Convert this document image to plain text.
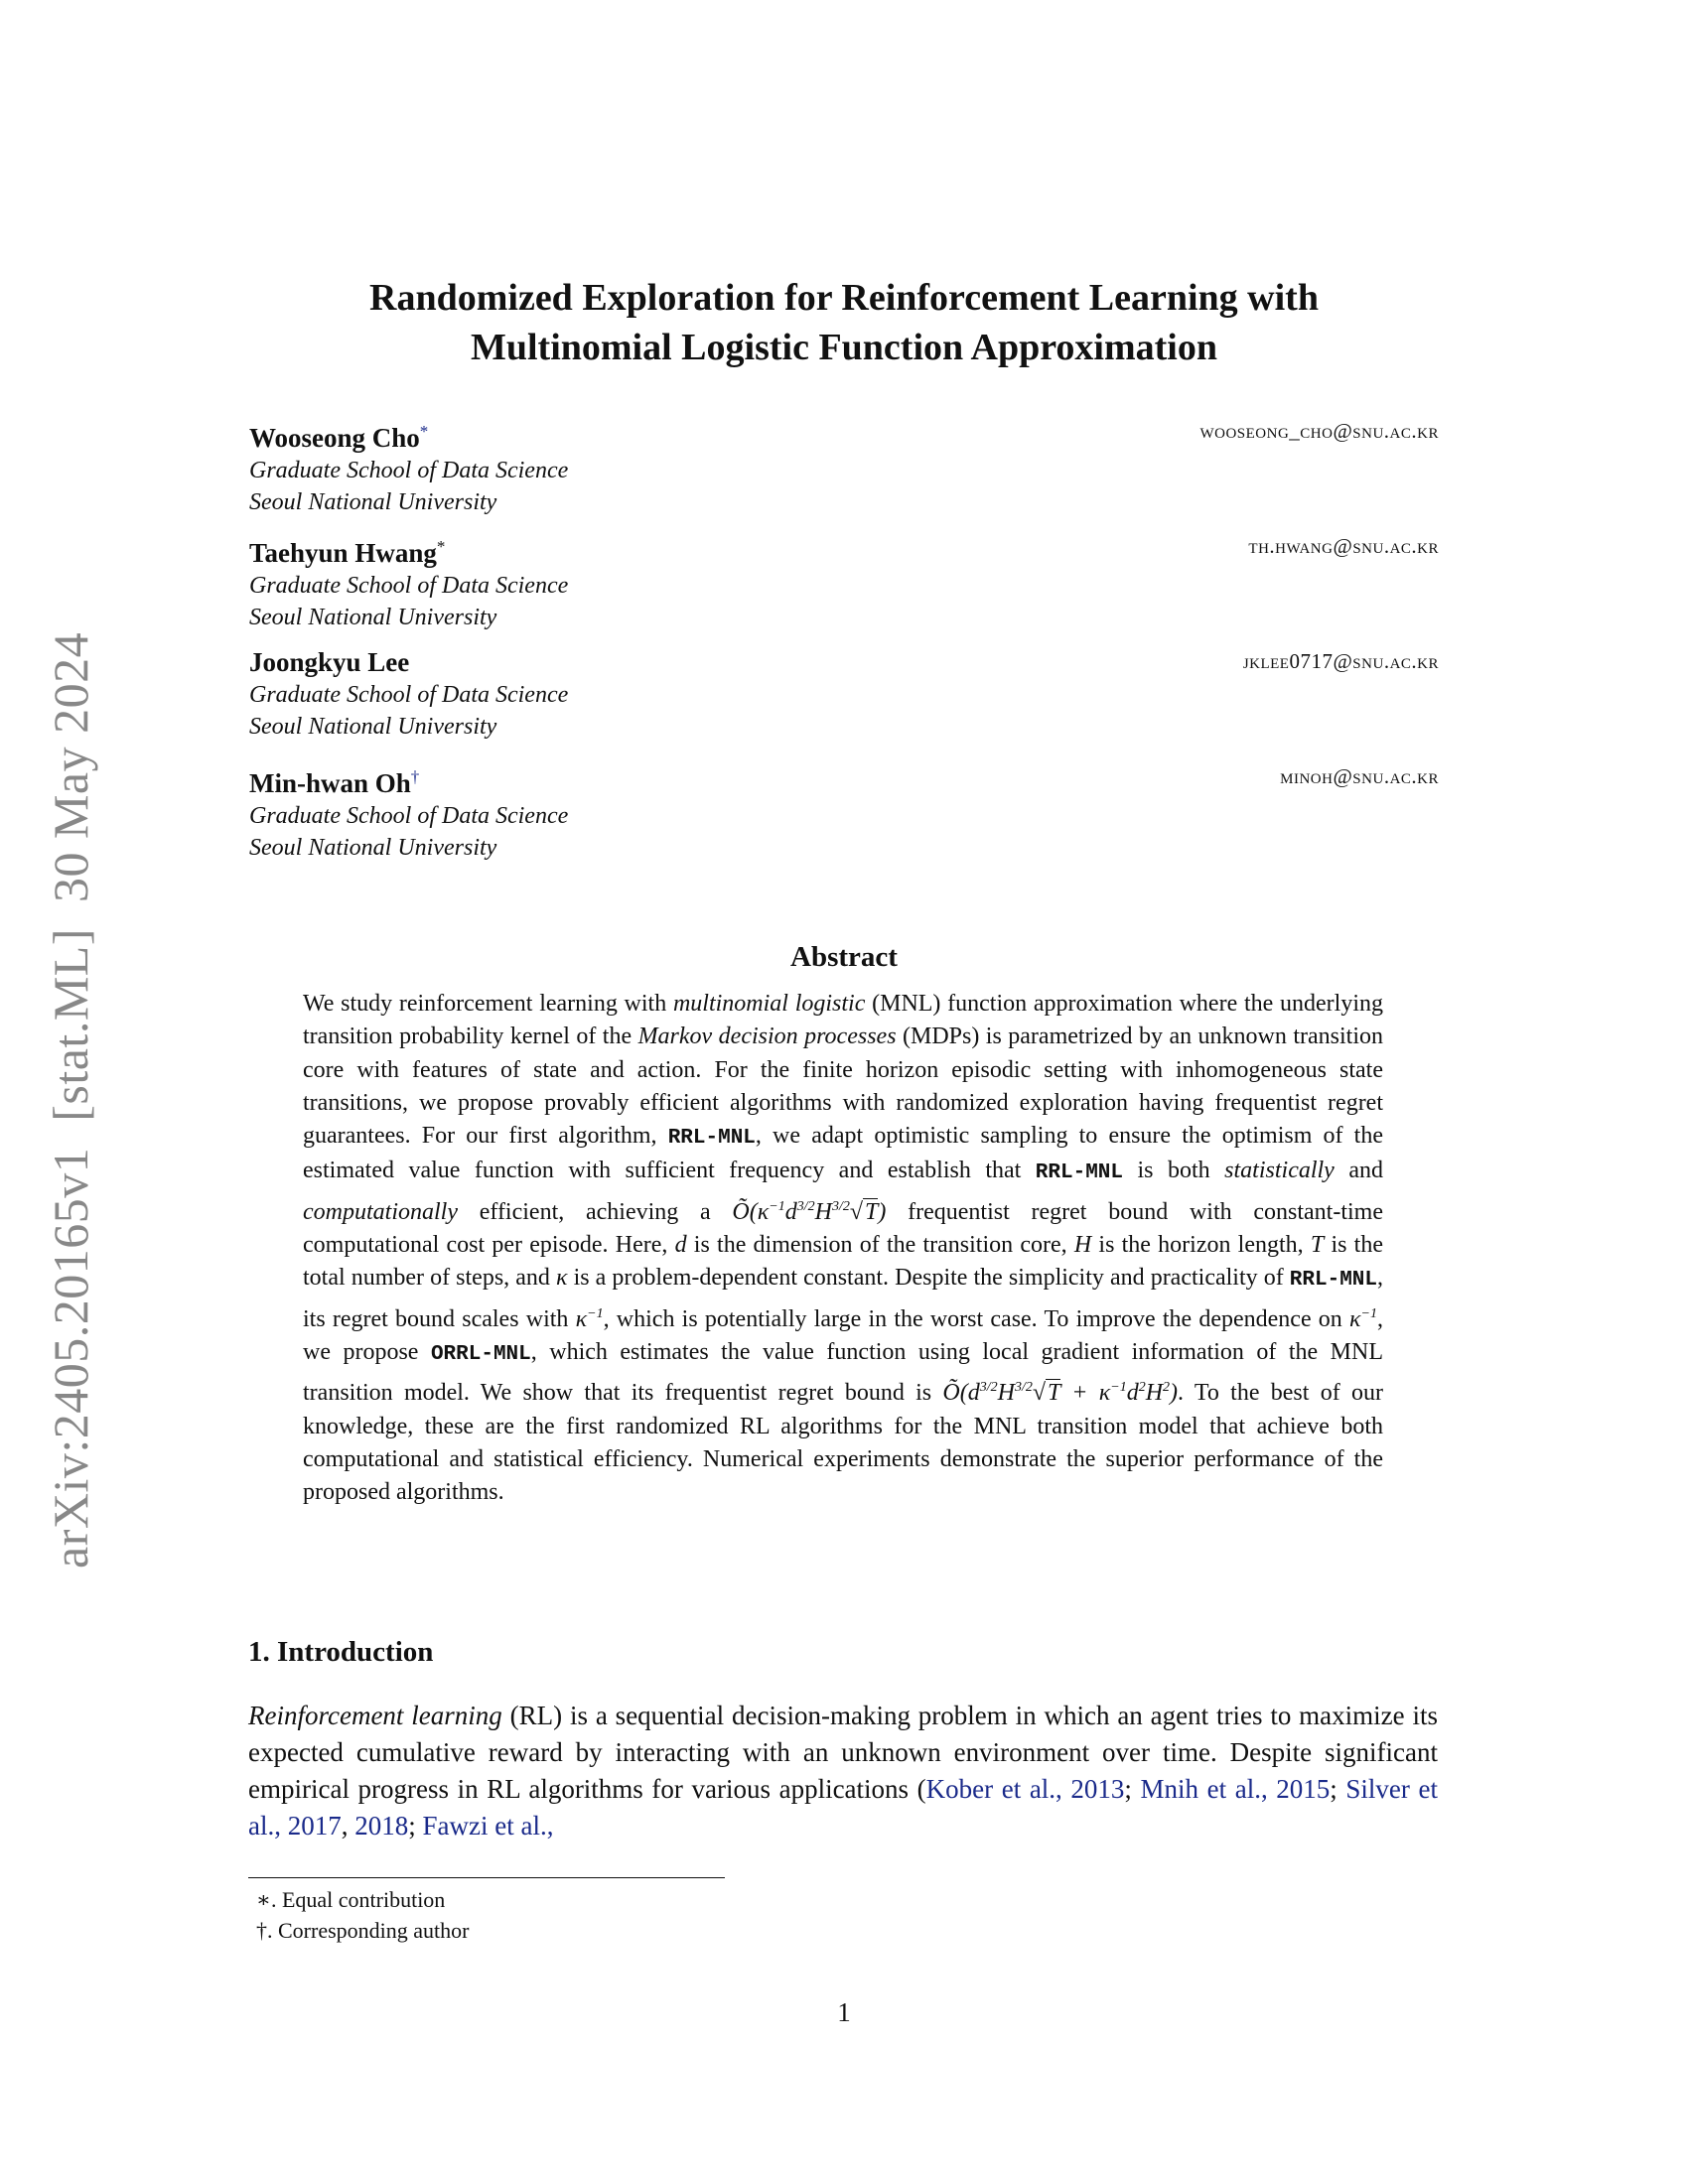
arXiv:2405.20165v1[stat.ML]30 May 2024
Randomized Exploration for Reinforcement Learning with
Multinomial Logistic Function Approximation
Wooseong Cho*
Graduate School of Data Science
Seoul National University
wooseong_cho@snu.ac.kr
Taehyun Hwang*
Graduate School of Data Science
Seoul National University
th.hwang@snu.ac.kr
Joongkyu Lee
Graduate School of Data Science
Seoul National University
jklee0717@snu.ac.kr
Min-hwan Oh†
Graduate School of Data Science
Seoul National University
minoh@snu.ac.kr
Abstract

We study reinforcement learning with multinomial logistic (MNL) function approximation where the underlying transition probability kernel of the Markov decision processes (MDPs) is parametrized by an unknown transition core with features of state and action. For the finite horizon episodic setting with inhomogeneous state transitions, we propose provably efficient algorithms with randomized exploration having frequentist regret guarantees. For our first algorithm, RRL-MNL, we adapt optimistic sampling to ensure the optimism of the estimated value function with sufficient frequency and establish that RRL-MNL is both statistically and computationally efficient, achieving a $Õ(\kappa^{-1}d^{3/2}H^{3/2}√T)$ frequentist regret bound with constant-time computational cost per episode. Here, d is the dimension of the transition core, H is the horizon length, T is the total number of steps, and κ is a problem-dependent constant. Despite the simplicity and practicality of RRL-MNL, its regret bound scales with $\kappa^{-1}$, which is potentially large in the worst case. To improve the dependence on $\kappa^{-1}$, we propose ORRL-MNL, which estimates the value function using local gradient information of the MNL transition model. We show that its frequentist regret bound is $Õ(d^{3/2}H^{3/2}√T + \kappa^{-1}d^2H^2)$. To the best of our knowledge, these are the first randomized RL algorithms for the MNL transition model that achieve both computational and statistical efficiency. Numerical experiments demonstrate the superior performance of the proposed algorithms.

1. Introduction

Reinforcement learning (RL) is a sequential decision-making problem in which an agent tries to maximize its expected cumulative reward by interacting with an unknown environment over time. Despite significant empirical progress in RL algorithms for various applications (Kober et al., 2013; Mnih et al., 2015; Silver et al., 2017, 2018; Fawzi et al.,

∗. Equal contribution
†. Corresponding author
1
